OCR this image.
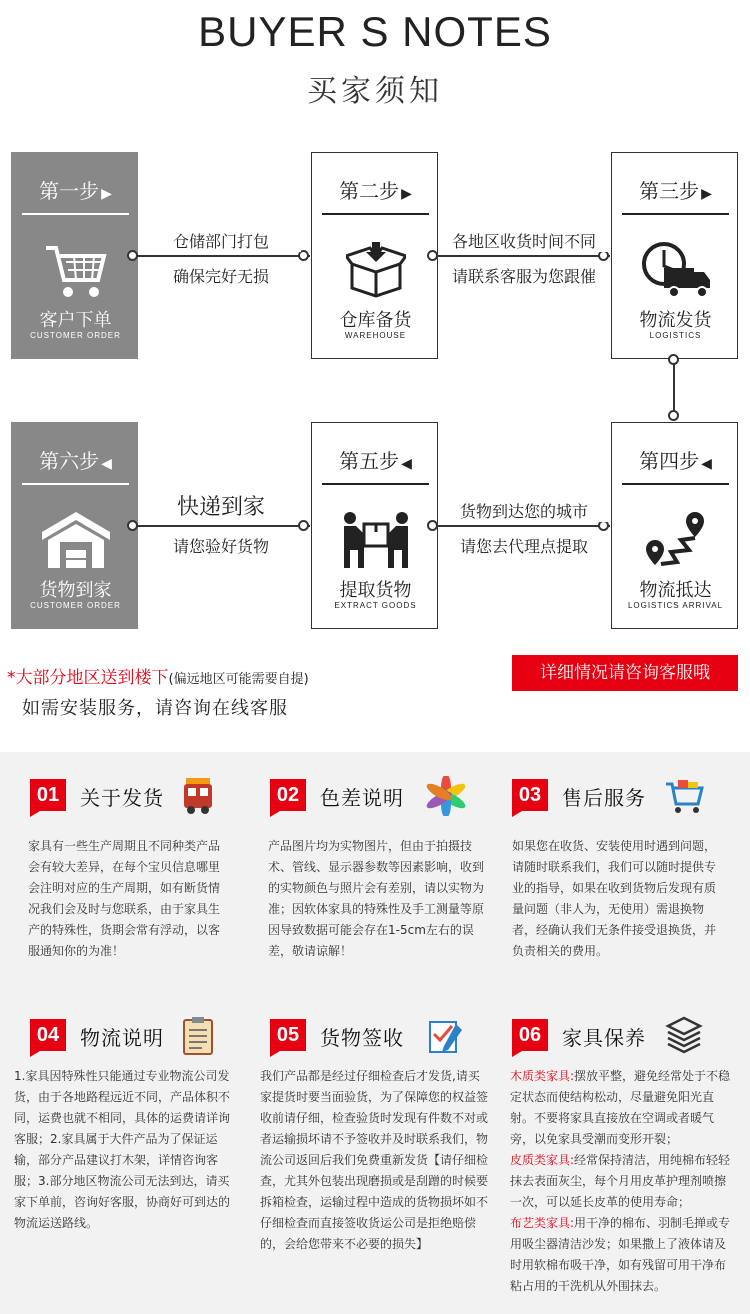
BUYER S NOTES
买家须知
第一步 ▶
客户下单
CUSTOMER ORDER
第二步 ▶
仓库备货
WAREHOUSE
第三步 ▶
物流发货
LOGISTICS
第四步 ◀
物流抵达
LOGISTICS ARRIVAL
第五步 ◀
提取货物
EXTRACT GOODS
第六步 ◀
货物到家
CUSTOMER ORDER
仓储部门打包
确保完好无损
各地区收货时间不同
请联系客服为您跟催
货物到达您的城市
请您去代理点提取
快递到家
请您验好货物
*大部分地区送到楼下(偏远地区可能需要自提)
如需安装服务，请咨询在线客服
详细情况请咨询客服哦
01	关于发货
家具有一些生产周期且不同种类产品会有较大差异，在每个宝贝信息哪里会注明对应的生产周期，如有断货情况我们会及时与您联系，由于家具生产的特殊性，货期会常有浮动，以客服通知你的为准！
02	色差说明
产品图片均为实物图片，但由于拍摄技术、管线、显示器参数等因素影响，收到的实物颜色与照片会有差别，请以实物为准；因软体家具的特殊性及手工测量等原因导致数据可能会存在1-5cm左右的误差，敬请谅解！
03	售后服务
如果您在收货、安装使用时遇到问题，请随时联系我们，我们可以随时提供专业的指导，如果在收到货物后发现有质量问题（非人为，无使用）需退换物者，经确认我们无条件接受退换货，并负责相关的费用。
04	物流说明
1.家具因特殊性只能通过专业物流公司发货，由于各地路程远近不同，产品体积不同，运费也就不相同，具体的运费请详询客服；2.家具属于大件产品为了保证运输，部分产品建议打木架，详情咨询客服；3.部分地区物流公司无法到达，请买家下单前，咨询好客服，协商好可到达的物流运送路线。
05	货物签收
我们产品都是经过仔细检查后才发货,请买家提货时要当面验货，为了保障您的权益签收前请仔细，检查验货时发现有件数不对或者运输损坏请不予签收并及时联系我们，物流公司返回后我们免费重新发货【请仔细检查，尤其外包装出现磨损或是刮蹭的时候要拆箱检查，运输过程中造成的货物损坏如不仔细检查而直接签收货运公司是拒绝赔偿的，会给您带来不必要的损失】
06	家具保养
木质类家具:摆放平整，避免经常处于不稳定状态而使结构松动，尽量避免阳光直射。不要将家具直接放在空调或者暖气旁，以免家具受潮而变形开裂；
皮质类家具:经常保持清洁，用纯棉布轻轻抹去表面灰尘，每个月用皮革护理剂喷擦一次，可以延长皮革的使用寿命；
布艺类家具:用干净的棉布、羽制毛掸或专用吸尘器清洁沙发；如果撒上了液体请及时用软棉布吸干净，如有残留可用干净布粘占用的干洗机从外围抹去。
